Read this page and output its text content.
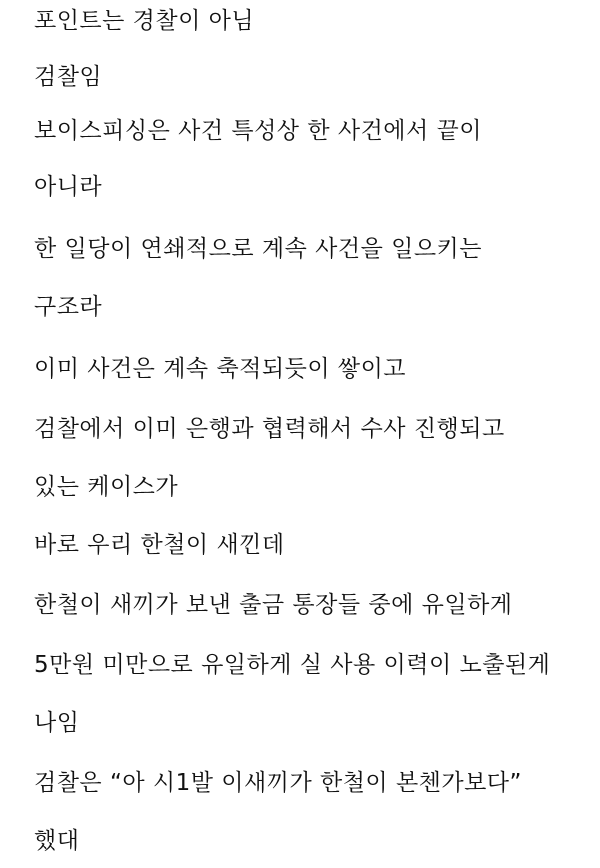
포인트는 경찰이 아님

검찰임

보이스피싱은 사건 특성상 한 사건에서 끝이

아니라

한 일당이 연쇄적으로 계속 사건을 일으키는

구조라

이미 사건은 계속 축적되듯이 쌓이고

검찰에서 이미 은행과 협력해서 수사 진행되고

있는 케이스가

바로 우리 한철이 새낀데

한철이 새끼가 보낸 출금 통장들 중에 유일하게

5만원 미만으로 유일하게 실 사용 이력이 노출된게

나임

검찰은 “아 시1발 이새끼가 한철이 본첸가보다”

했대
